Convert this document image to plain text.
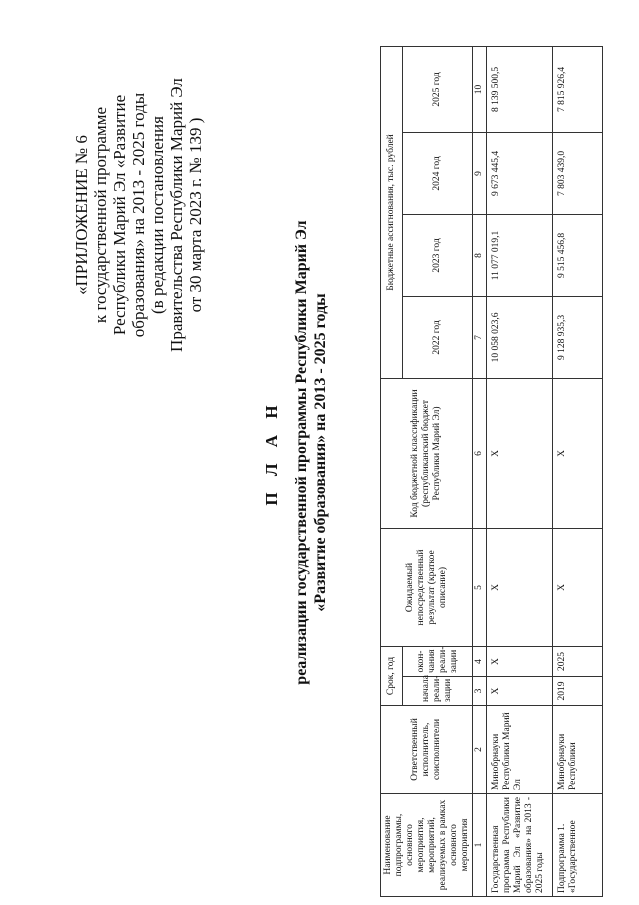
«ПРИЛОЖЕНИЕ № 6 к государственной программе Республики Марий Эл «Развитие образования» на 2013 - 2025 годы (в редакции постановления Правительства Республики Марий Эл от 30 марта 2023 г. № 139 )
П Л А Н реализации государственной программы Республики Марий Эл «Развитие образования» на 2013 - 2025 годы
Наименование подпрограммы, основного мероприятия, мероприятий, реализуемых в рамках основного мероприятия	Ответственный исполнитель, соисполнители	Срок, год		Ожидаемый непосредственный результат (краткое описание)	Код бюджетной классификации (республиканский бюджет Республики Марий Эл)	Бюджетные ассигнования, тыс. рублей			
		начала реали-зации	окон-чания реали-зации			2022 год	2023 год	2024 год	2025 год
1	2	3	4	5	6	7	8	9	10
Государственная программа Республики Марий Эл «Развитие образования» на 2013 - 2025 годы	Минобрнауки Республики Марий Эл	X	X	X	X	10 058 023,6	11 077 019,1	9 673 445,4	8 139 500,5
Подпрограмма 1. «Государственное	Минобрнауки Республики	2019	2025	X	X	9 128 935,3	9 515 456,8	7 803 439,0	7 815 926,4
